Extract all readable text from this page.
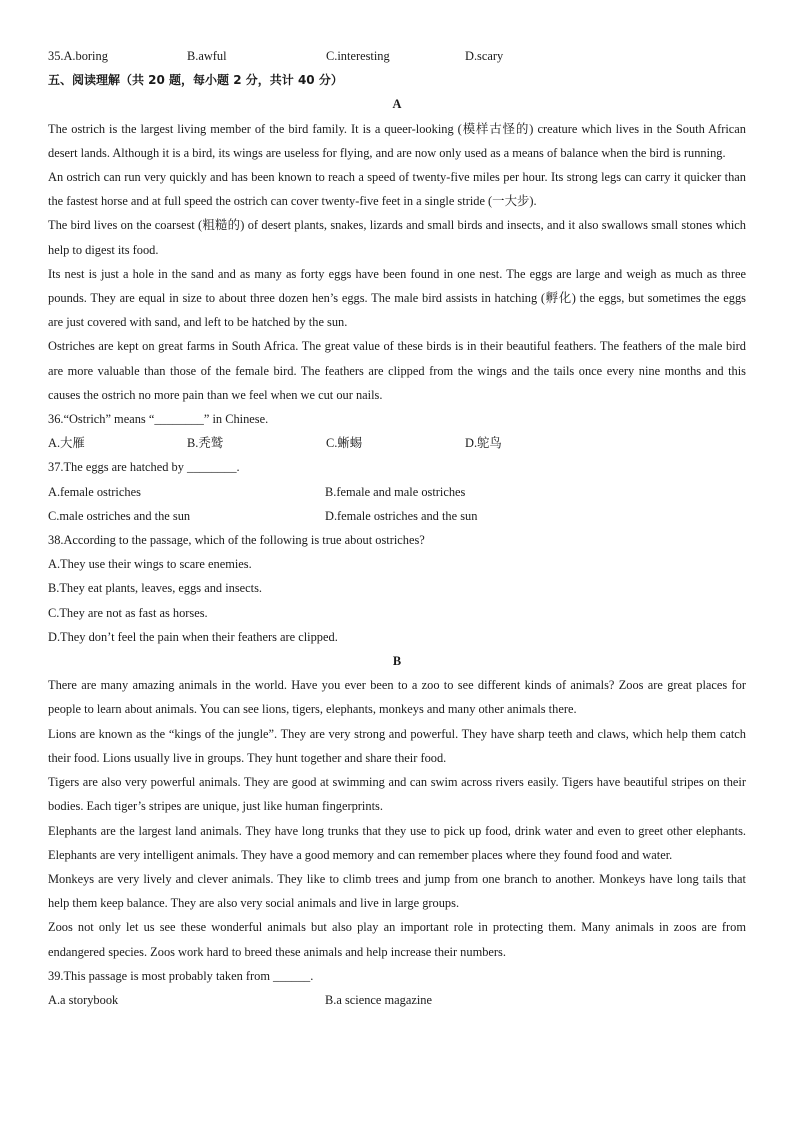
35.A.boring	B.awful	C.interesting	D.scary
五、阅读理解（共 20 题，每小题 2 分，共计 40 分）
A
The ostrich is the largest living member of the bird family. It is a queer-looking (模样古怪的) creature which lives in the South African desert lands. Although it is a bird, its wings are useless for flying, and are now only used as a means of balance when the bird is running.
An ostrich can run very quickly and has been known to reach a speed of twenty-five miles per hour. Its strong legs can carry it quicker than the fastest horse and at full speed the ostrich can cover twenty-five feet in a single stride (一大步).
The bird lives on the coarsest (粗糙的) of desert plants, snakes, lizards and small birds and insects, and it also swallows small stones which help to digest its food.
Its nest is just a hole in the sand and as many as forty eggs have been found in one nest. The eggs are large and weigh as much as three pounds. They are equal in size to about three dozen hen’s eggs. The male bird assists in hatching (孵化) the eggs, but sometimes the eggs are just covered with sand, and left to be hatched by the sun.
Ostriches are kept on great farms in South Africa. The great value of these birds is in their beautiful feathers. The feathers of the male bird are more valuable than those of the female bird. The feathers are clipped from the wings and the tails once every nine months and this causes the ostrich no more pain than we feel when we cut our nails.
36.“Ostrich” means “________” in Chinese.
A.大雁	B.秃鹫	C.蜥蜴	D.鸵鸟
37.The eggs are hatched by ________.
A.female ostriches	B.female and male ostriches
C.male ostriches and the sun	D.female ostriches and the sun
38.According to the passage, which of the following is true about ostriches?
A.They use their wings to scare enemies.
B.They eat plants, leaves, eggs and insects.
C.They are not as fast as horses.
D.They don’t feel the pain when their feathers are clipped.
B
There are many amazing animals in the world. Have you ever been to a zoo to see different kinds of animals? Zoos are great places for people to learn about animals. You can see lions, tigers, elephants, monkeys and many other animals there.
Lions are known as the “kings of the jungle”. They are very strong and powerful. They have sharp teeth and claws, which help them catch their food. Lions usually live in groups. They hunt together and share their food.
Tigers are also very powerful animals. They are good at swimming and can swim across rivers easily. Tigers have beautiful stripes on their bodies. Each tiger’s stripes are unique, just like human fingerprints.
Elephants are the largest land animals. They have long trunks that they use to pick up food, drink water and even to greet other elephants. Elephants are very intelligent animals. They have a good memory and can remember places where they found food and water.
Monkeys are very lively and clever animals. They like to climb trees and jump from one branch to another. Monkeys have long tails that help them keep balance. They are also very social animals and live in large groups.
Zoos not only let us see these wonderful animals but also play an important role in protecting them. Many animals in zoos are from endangered species. Zoos work hard to breed these animals and help increase their numbers.
39.This passage is most probably taken from ______.
A.a storybook	B.a science magazine
